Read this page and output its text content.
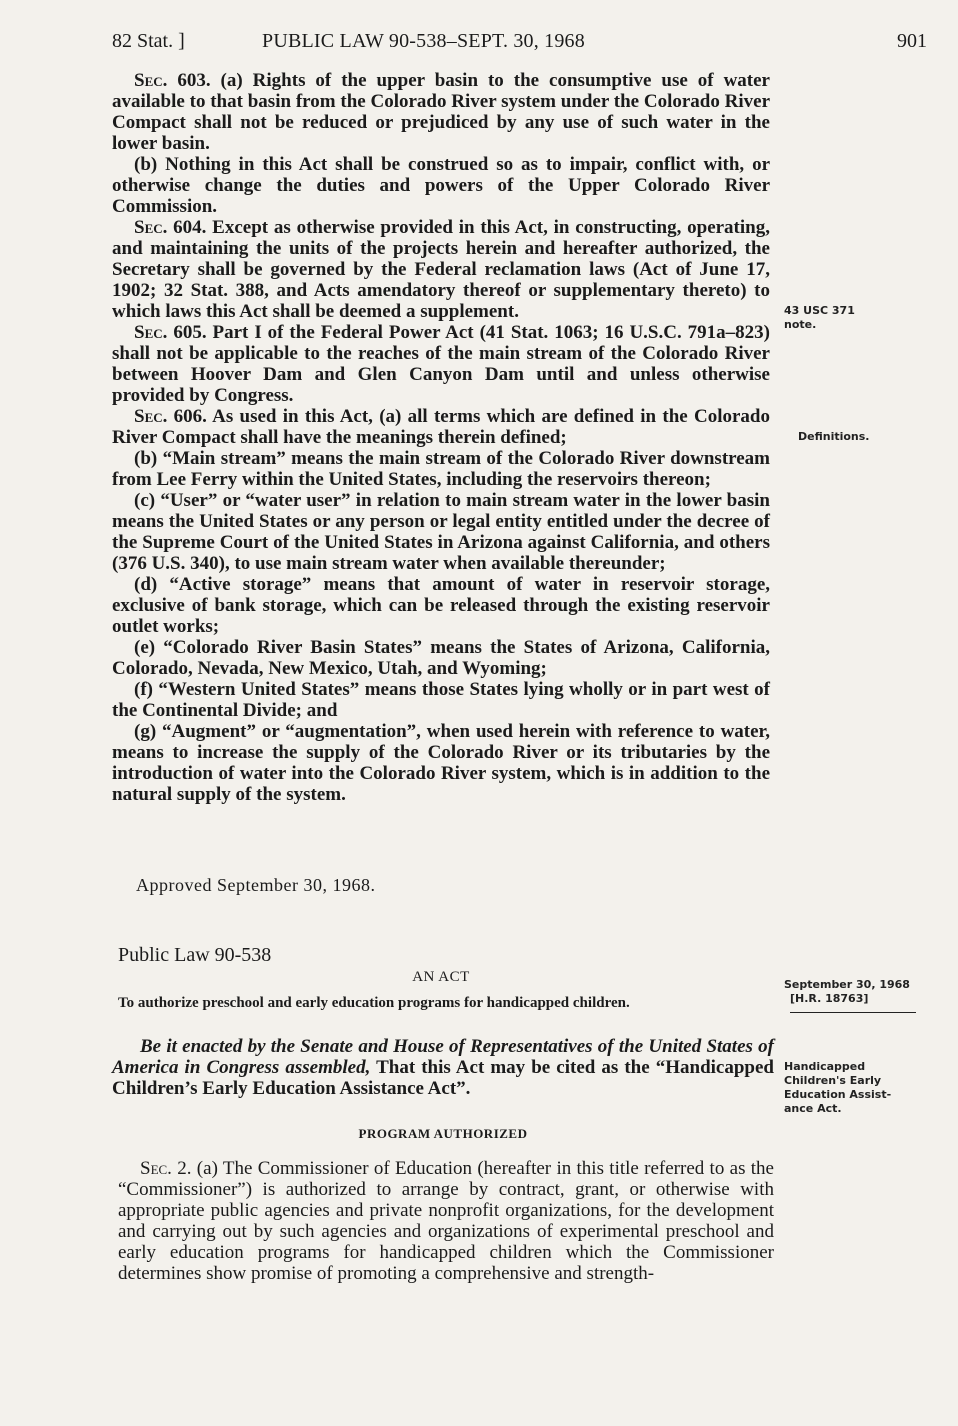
82 Stat. ]	PUBLIC LAW 90-538–SEPT. 30, 1968	901

Sec. 603. (a) Rights of the upper basin to the consumptive use of water available to that basin from the Colorado River system under the Colorado River Compact shall not be reduced or prejudiced by any use of such water in the lower basin.

(b) Nothing in this Act shall be construed so as to impair, conflict with, or otherwise change the duties and powers of the Upper Colorado River Commission.

Sec. 604. Except as otherwise provided in this Act, in constructing, operating, and maintaining the units of the projects herein and hereafter authorized, the Secretary shall be governed by the Federal reclamation laws (Act of June 17, 1902; 32 Stat. 388, and Acts amendatory thereof or supplementary thereto) to which laws this Act shall be deemed a supplement.

Sec. 605. Part I of the Federal Power Act (41 Stat. 1063; 16 U.S.C. 791a–823) shall not be applicable to the reaches of the main stream of the Colorado River between Hoover Dam and Glen Canyon Dam until and unless otherwise provided by Congress.

Sec. 606. As used in this Act, (a) all terms which are defined in the Colorado River Compact shall have the meanings therein defined;

(b) “Main stream” means the main stream of the Colorado River downstream from Lee Ferry within the United States, including the reservoirs thereon;

(c) “User” or “water user” in relation to main stream water in the lower basin means the United States or any person or legal entity entitled under the decree of the Supreme Court of the United States in Arizona against California, and others (376 U.S. 340), to use main stream water when available thereunder;

(d) “Active storage” means that amount of water in reservoir storage, exclusive of bank storage, which can be released through the existing reservoir outlet works;

(e) “Colorado River Basin States” means the States of Arizona, California, Colorado, Nevada, New Mexico, Utah, and Wyoming;

(f) “Western United States” means those States lying wholly or in part west of the Continental Divide; and

(g) “Augment” or “augmentation”, when used herein with reference to water, means to increase the supply of the Colorado River or its tributaries by the introduction of water into the Colorado River system, which is in addition to the natural supply of the system.

Approved September 30, 1968.
Public Law 90-538
AN ACT
To authorize preschool and early education programs for handicapped children.

Be it enacted by the Senate and House of Representatives of the United States of America in Congress assembled, That this Act may be cited as the “Handicapped Children’s Early Education Assistance Act”.

PROGRAM AUTHORIZED

Sec. 2. (a) The Commissioner of Education (hereafter in this title referred to as the “Commissioner”) is authorized to arrange by contract, grant, or otherwise with appropriate public agencies and private nonprofit organizations, for the development and carrying out by such agencies and organizations of experimental preschool and early education programs for handicapped children which the Commissioner determines show promise of promoting a comprehensive and strength-

43 USC 371
note.
Definitions.
September 30, 1968
[H.R. 18763]
Handicapped
Children's Early
Education Assist-
ance Act.
